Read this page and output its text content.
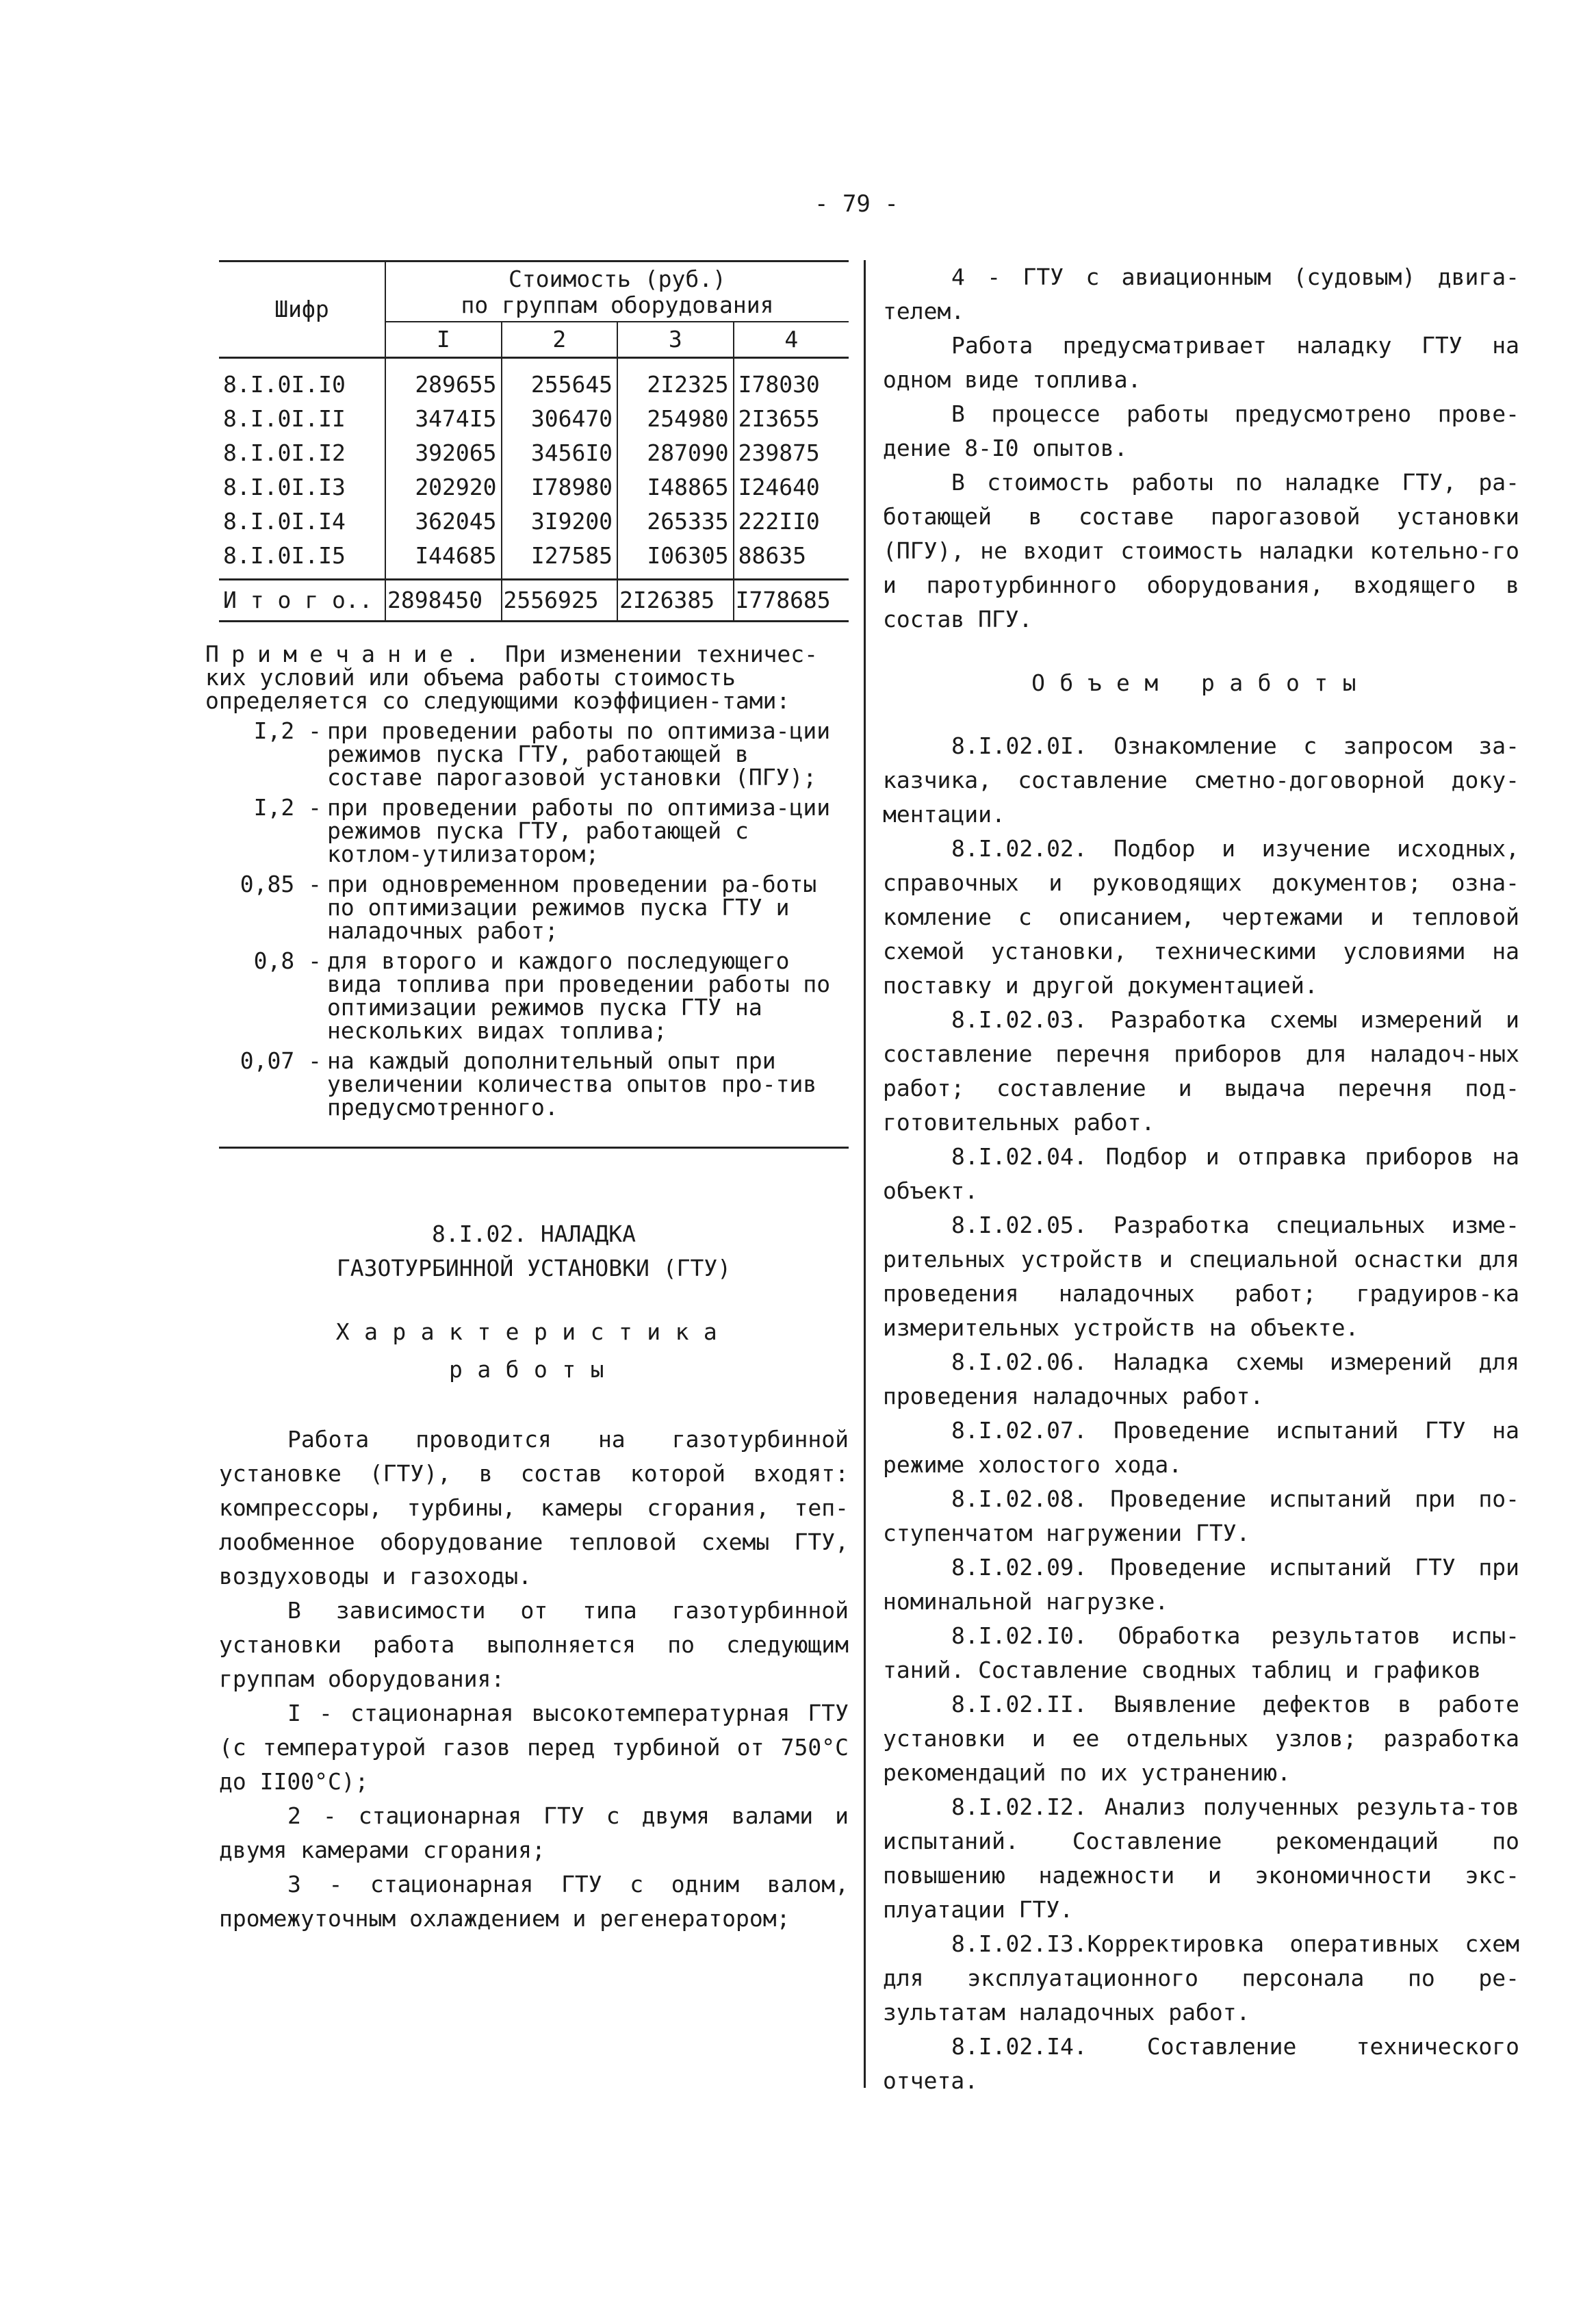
- 79 -
Шифр	Стоимость (руб.)
по группам оборудования			

	I	2	3	4

8.I.0I.I0	289655	255645	2I2325	I78030
8.I.0I.II	3474I5	306470	254980	2I3655
8.I.0I.I2	392065	3456I0	287090	239875
8.I.0I.I3	202920	I78980	I48865	I24640
8.I.0I.I4	362045	3I9200	265335	222II0
8.I.0I.I5	I44685	I27585	I06305	88635

И т о г о..	2898450	2556925	2I26385	I778685
Примечание. При изменении техничес-ких условий или объема работы стоимость определяется со следующими коэффициен-тами:
I,2 - при проведении работы по оптимиза-ции режимов пуска ГТУ, работающей в составе парогазовой установки (ПГУ);
I,2 - при проведении работы по оптимиза-ции режимов пуска ГТУ, работающей с котлом-утилизатором;
0,85 - при одновременном проведении ра-боты по оптимизации режимов пуска ГТУ и наладочных работ;
0,8 - для второго и каждого последующего вида топлива при проведении работы по оптимизации режимов пуска ГТУ на нескольких видах топлива;
0,07 - на каждый дополнительный опыт при увеличении количества опытов про-тив предусмотренного.
8.I.02. НАЛАДКА
ГАЗОТУРБИННОЙ УСТАНОВКИ (ГТУ)
Характеристика
работы

Работа проводится на газотурбинной установке (ГТУ), в состав которой входят: компрессоры, турбины, камеры сгорания, теп-лообменное оборудование тепловой схемы ГТУ, воздуховоды и газоходы.

В зависимости от типа газотурбинной установки работа выполняется по следующим группам оборудования:

I - стационарная высокотемпературная ГТУ (с температурой газов перед турбиной от 750°С до II00°С);

2 - стационарная ГТУ с двумя валами и двумя камерами сгорания;

3 - стационарная ГТУ с одним валом, промежуточным охлаждением и регенератором;

4 - ГТУ с авиационным (судовым) двига-телем.

Работа предусматривает наладку ГТУ на одном виде топлива.

В процессе работы предусмотрено прове-дение 8-I0 опытов.

В стоимость работы по наладке ГТУ, ра-ботающей в составе парогазовой установки (ПГУ), не входит стоимость наладки котельно-го и паротурбинного оборудования, входящего в состав ПГУ.

Объем работы

8.I.02.0I. Ознакомление с запросом за-казчика, составление сметно-договорной доку-ментации.

8.I.02.02. Подбор и изучение исходных, справочных и руководящих документов; озна-комление с описанием, чертежами и тепловой схемой установки, техническими условиями на поставку и другой документацией.

8.I.02.03. Разработка схемы измерений и составление перечня приборов для наладоч-ных работ; составление и выдача перечня под-готовительных работ.

8.I.02.04. Подбор и отправка приборов на объект.

8.I.02.05. Разработка специальных изме-рительных устройств и специальной оснастки для проведения наладочных работ; градуиров-ка измерительных устройств на объекте.

8.I.02.06. Наладка схемы измерений для проведения наладочных работ.

8.I.02.07. Проведение испытаний ГТУ на режиме холостого хода.

8.I.02.08. Проведение испытаний при по-ступенчатом нагружении ГТУ.

8.I.02.09. Проведение испытаний ГТУ при номинальной нагрузке.

8.I.02.I0. Обработка результатов испы-таний. Составление сводных таблиц и графиков

8.I.02.II. Выявление дефектов в работе установки и ее отдельных узлов; разработка рекомендаций по их устранению.

8.I.02.I2. Анализ полученных результа-тов испытаний. Составление рекомендаций по повышению надежности и экономичности экс-плуатации ГТУ.

8.I.02.I3.Корректировка оперативных схем для эксплуатационного персонала по ре-зультатам наладочных работ.

8.I.02.I4. Составление технического отчета.
